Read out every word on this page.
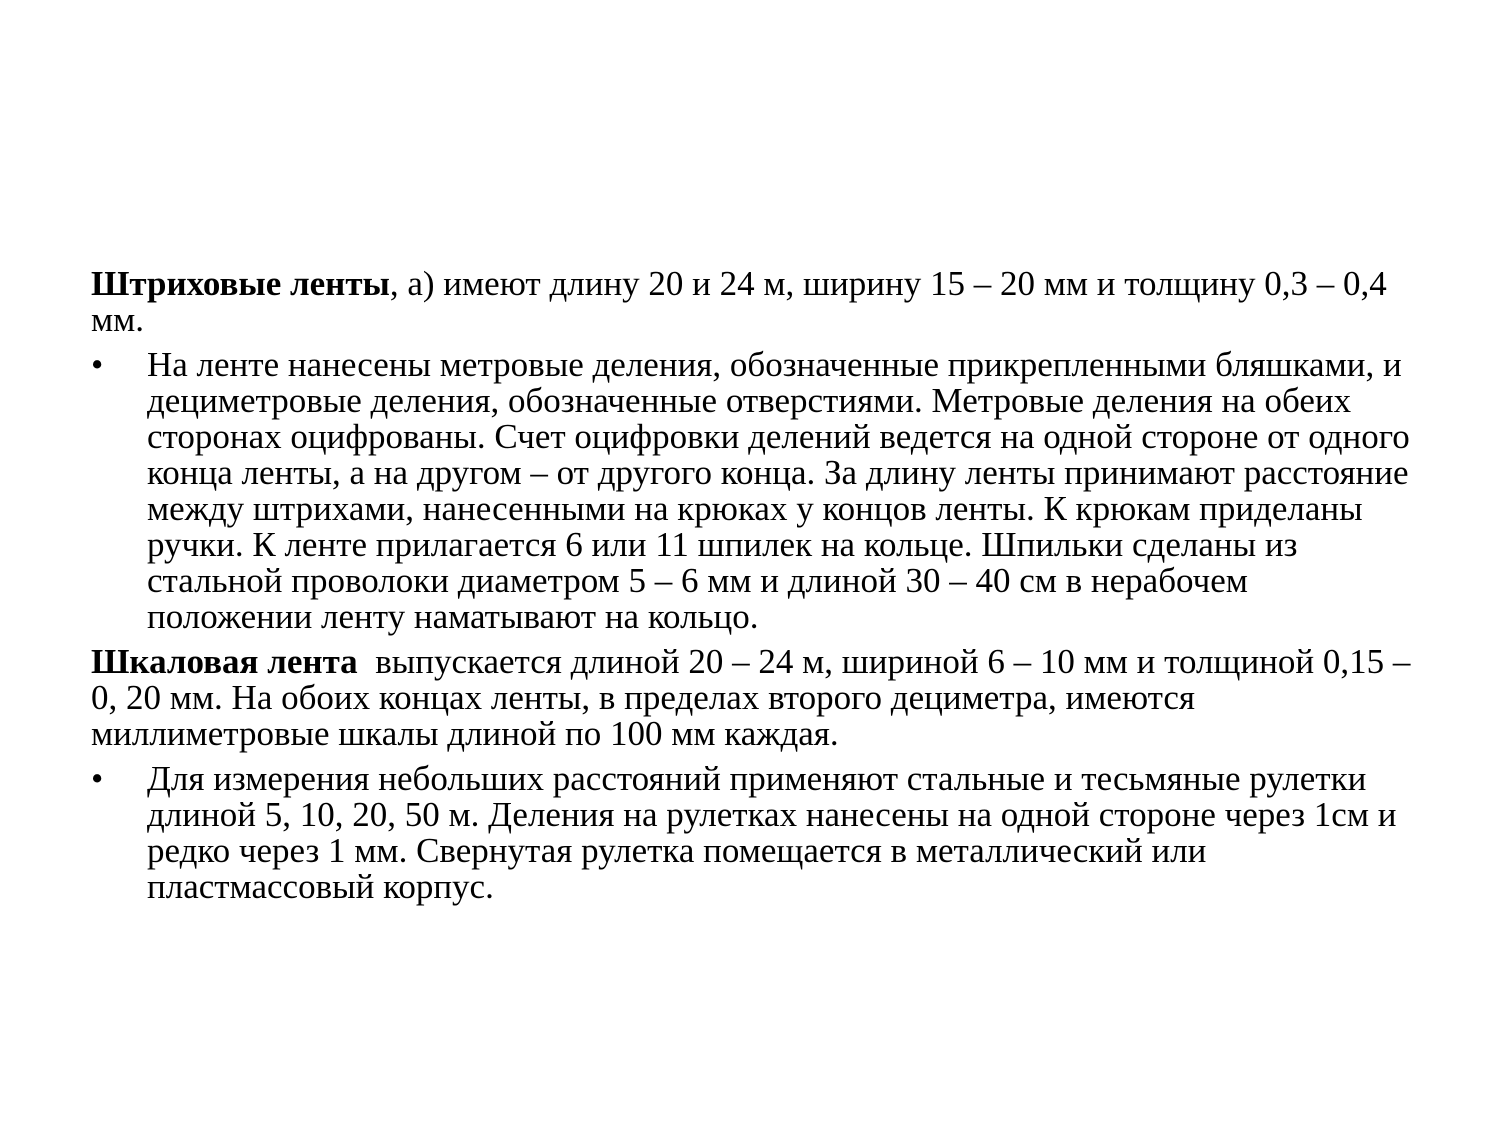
Штриховые ленты, а) имеют длину 20 и 24 м, ширину 15 – 20 мм и толщину 0,3 – 0,4 мм.

•	На ленте нанесены метровые деления, обозначенные прикрепленными бляшками, и дециметровые деления, обозначенные отверстиями. Метровые деления на обеих сторонах оцифрованы. Счет оцифровки делений ведется на одной стороне от одного конца ленты, а на другом – от другого конца. За длину ленты принимают расстояние между штрихами, нанесенными на крюках у концов ленты. К крюкам приделаны ручки. К ленте прилагается 6 или 11 шпилек на кольце. Шпильки сделаны из стальной проволоки диаметром 5 – 6 мм и длиной 30 – 40 см в нерабочем положении ленту наматывают на кольцо.

Шкаловая лента  выпускается длиной 20 – 24 м, шириной 6 – 10 мм и толщиной 0,15 – 0, 20 мм. На обоих концах ленты, в пределах второго дециметра, имеются миллиметровые шкалы длиной по 100 мм каждая.

•	Для измерения небольших расстояний применяют стальные и тесьмяные рулетки длиной 5, 10, 20, 50 м. Деления на рулетках нанесены на одной стороне через 1см и редко через 1 мм. Свернутая рулетка помещается в металлический или пластмассовый корпус.
